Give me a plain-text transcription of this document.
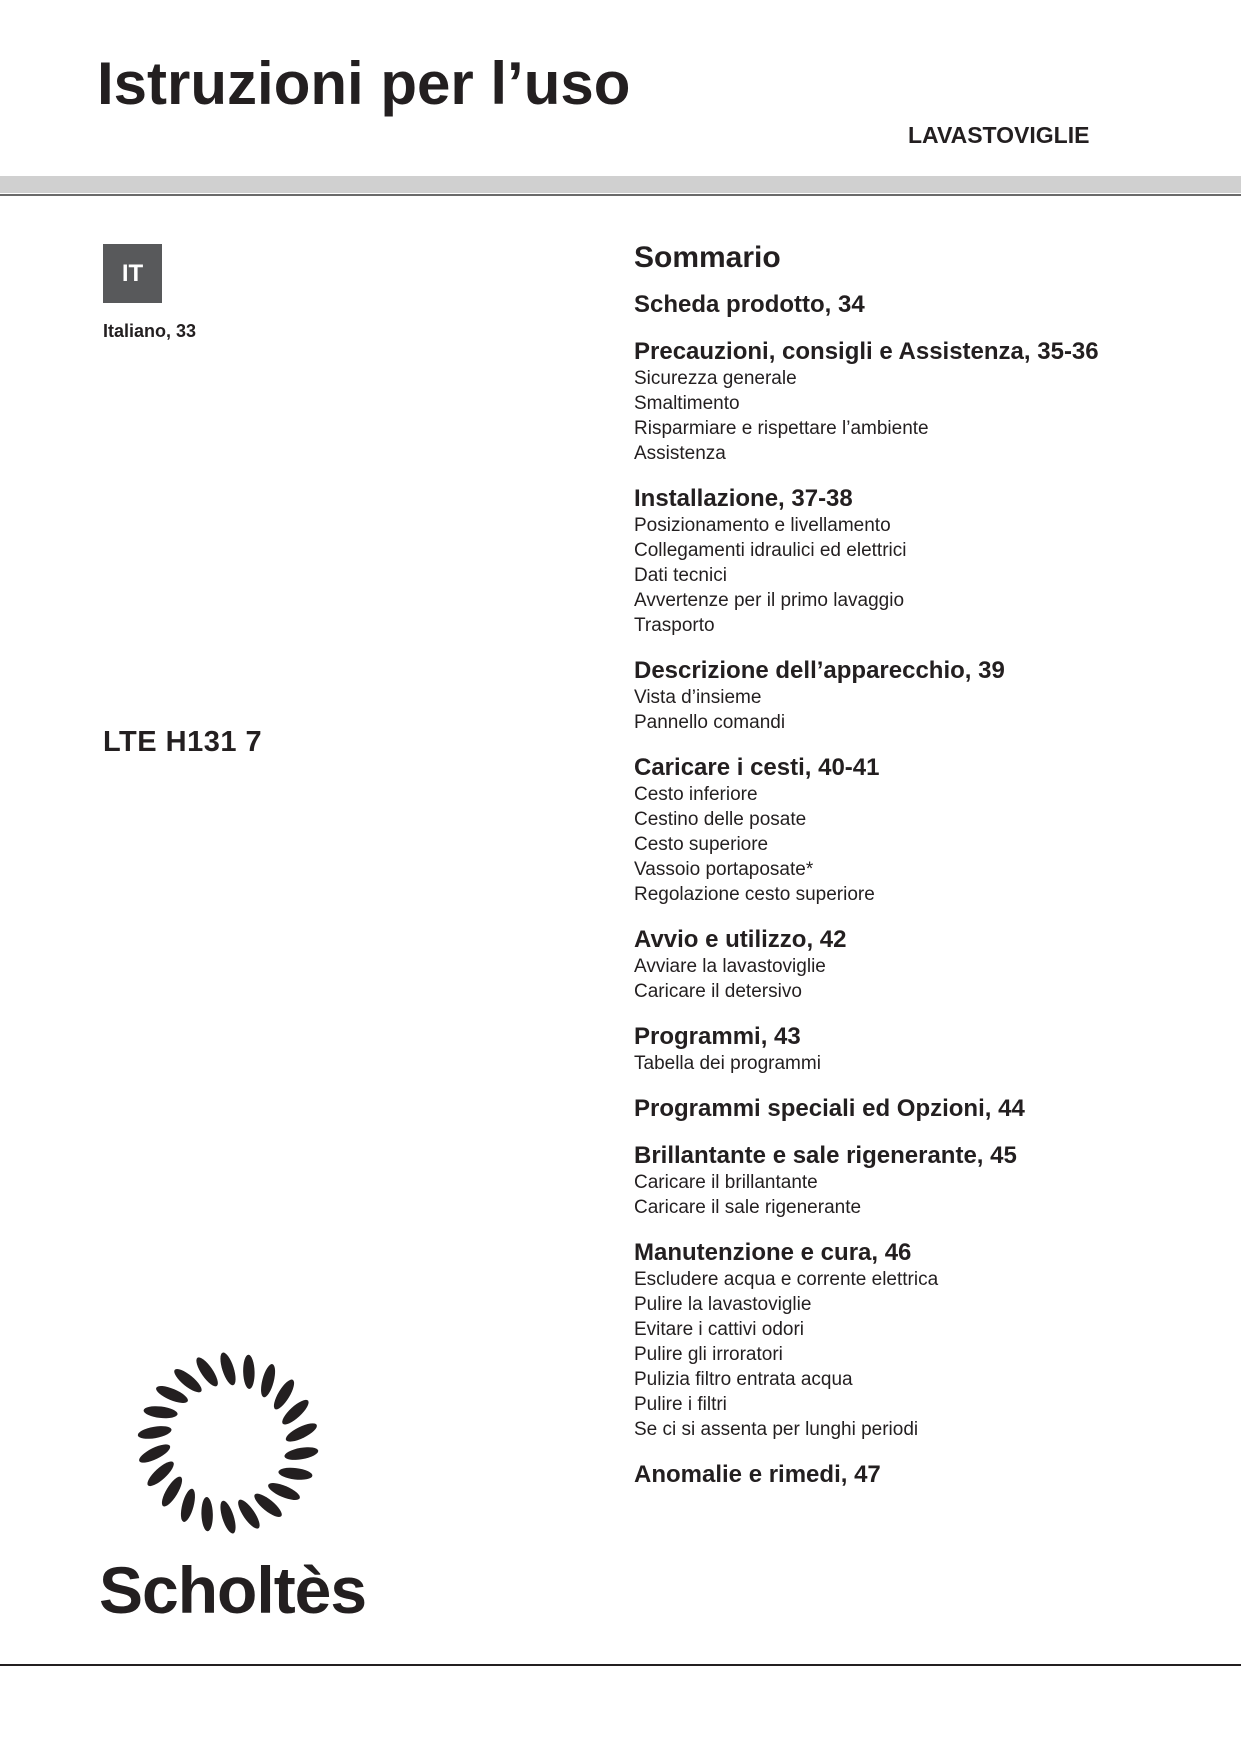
Istruzioni per l’uso
LAVASTOVIGLIE
IT
Italiano, 33
LTE H131 7
Sommario
Scheda prodotto, 34
Precauzioni, consigli e Assistenza, 35-36
Sicurezza generale
Smaltimento
Risparmiare e rispettare l’ambiente
Assistenza
Installazione, 37-38
Posizionamento e livellamento
Collegamenti idraulici ed elettrici
Dati tecnici
Avvertenze per il primo lavaggio
Trasporto
Descrizione dell’apparecchio, 39
Vista d’insieme
Pannello comandi
Caricare i cesti, 40-41
Cesto inferiore
Cestino delle posate
Cesto superiore
Vassoio portaposate*
Regolazione cesto superiore
Avvio e utilizzo, 42
Avviare la lavastoviglie
Caricare il detersivo
Programmi, 43
Tabella dei programmi
Programmi speciali ed Opzioni, 44
Brillantante e sale rigenerante, 45
Caricare il brillantante
Caricare il sale rigenerante
Manutenzione e cura, 46
Escludere acqua e corrente elettrica
Pulire la lavastoviglie
Evitare i cattivi odori
Pulire gli irroratori
Pulizia filtro entrata acqua
Pulire i filtri
Se ci si assenta per lunghi periodi
Anomalie e rimedi, 47
Scholtès
